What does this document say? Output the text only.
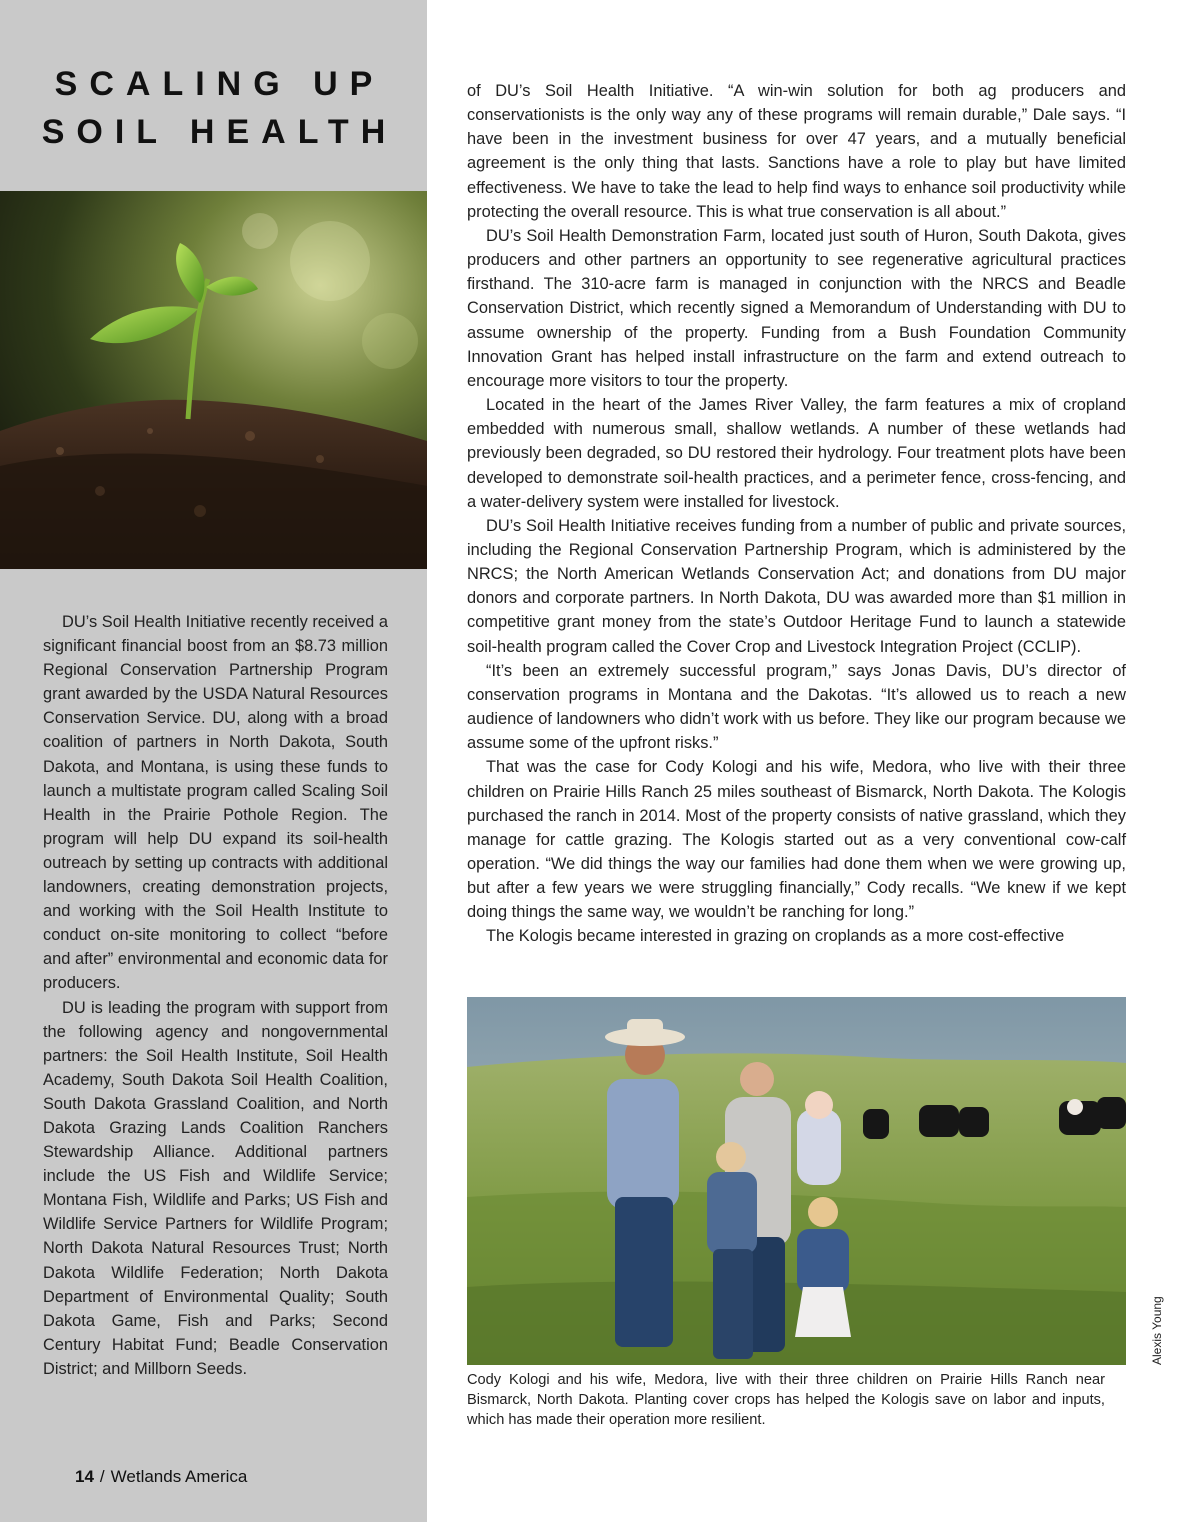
SCALING UP
SOIL HEALTH

DU’s Soil Health Initiative recently received a significant financial boost from an $8.73 million Regional Conservation Partnership Program grant awarded by the USDA Natural Resources Conservation Service. DU, along with a broad coalition of partners in North Dakota, South Dakota, and Montana, is using these funds to launch a multistate program called Scaling Soil Health in the Prairie Pothole Region. The program will help DU expand its soil-health outreach by setting up contracts with additional landowners, creating demonstration projects, and working with the Soil Health Institute to conduct on-site monitoring to collect “before and after” environmental and economic data for producers.

DU is leading the program with support from the following agency and nongovernmental partners: the Soil Health Institute, Soil Health Academy, South Dakota Soil Health Coalition, South Dakota Grassland Coalition, and North Dakota Grazing Lands Coalition Ranchers Stewardship Alliance. Additional partners include the US Fish and Wildlife Service; Montana Fish, Wildlife and Parks; US Fish and Wildlife Service Partners for Wildlife Program; North Dakota Natural Resources Trust; North Dakota Wildlife Federation; North Dakota Department of Environmental Quality; South Dakota Game, Fish and Parks; Second Century Habitat Fund; Beadle Conservation District; and Millborn Seeds.

14 / Wetlands America

of DU’s Soil Health Initiative. “A win-win solution for both ag producers and conservationists is the only way any of these programs will remain durable,” Dale says. “I have been in the investment business for over 47 years, and a mutually beneficial agreement is the only thing that lasts. Sanctions have a role to play but have limited effectiveness. We have to take the lead to help find ways to enhance soil productivity while protecting the overall resource. This is what true conservation is all about.”

DU’s Soil Health Demonstration Farm, located just south of Huron, South Dakota, gives producers and other partners an opportunity to see regenerative agricultural practices firsthand. The 310-acre farm is managed in conjunction with the NRCS and Beadle Conservation District, which recently signed a Memorandum of Understanding with DU to assume ownership of the property. Funding from a Bush Foundation Community Innovation Grant has helped install infrastructure on the farm and extend outreach to encourage more visitors to tour the property.

Located in the heart of the James River Valley, the farm features a mix of cropland embedded with numerous small, shallow wetlands. A number of these wetlands had previously been degraded, so DU restored their hydrology. Four treatment plots have been developed to demonstrate soil-health practices, and a perimeter fence, cross-fencing, and a water-delivery system were installed for livestock.

DU’s Soil Health Initiative receives funding from a number of public and private sources, including the Regional Conservation Partnership Program, which is administered by the NRCS; the North American Wetlands Conservation Act; and donations from DU major donors and corporate partners. In North Dakota, DU was awarded more than $1 million in competitive grant money from the state’s Outdoor Heritage Fund to launch a statewide soil-health program called the Cover Crop and Livestock Integration Project (CCLIP).

“It’s been an extremely successful program,” says Jonas Davis, DU’s director of conservation programs in Montana and the Dakotas. “It’s allowed us to reach a new audience of landowners who didn’t work with us before. They like our program because we assume some of the upfront risks.”

That was the case for Cody Kologi and his wife, Medora, who live with their three children on Prairie Hills Ranch 25 miles southeast of Bismarck, North Dakota. The Kologis purchased the ranch in 2014. Most of the property consists of native grassland, which they manage for cattle grazing. The Kologis started out as a very conventional cow-calf operation. “We did things the way our families had done them when we were growing up, but after a few years we were struggling financially,” Cody recalls. “We knew if we kept doing things the same way, we wouldn’t be ranching for long.”

The Kologis became interested in grazing on croplands as a more cost-effective

Alexis Young

Cody Kologi and his wife, Medora, live with their three children on Prairie Hills Ranch near Bismarck, North Dakota. Planting cover crops has helped the Kologis save on labor and inputs, which has made their operation more resilient.
